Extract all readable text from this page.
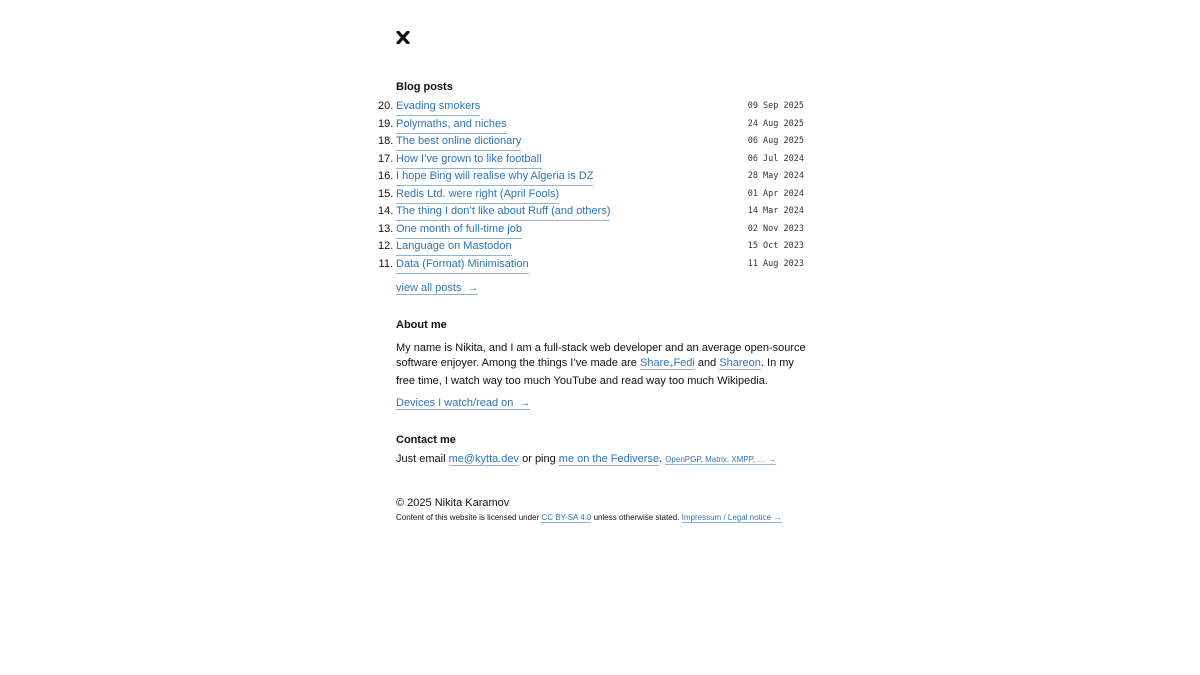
Blog posts
20 . Evading smokers	09 Sep 2025
19 . Polymaths, and niches	24 Aug 2025
18 . The best online dictionary	06 Aug 2025
17 . How I’ve grown to like football	06 Jul 2024
16 . I hope Bing will realise why Algeria is DZ	28 May 2024
15 . Redis Ltd. were right (April Fools)	01 Apr 2024
14 . The thing I don’t like about Ruff (and others)	14 Mar 2024
13 . One month of full-time job	02 Nov 2023
12 . Language on Mastodon	15 Oct 2023
11 . Data (Format) Minimisation	11 Aug 2023
view all posts →
About me

My name is Nikita, and I am a full-stack web developer and an average open-source software enjoyer. Among the things I’ve made are Share+Fedi and Shareon. In my free time, I watch way too much YouTube and read way too much Wikipedia.

Devices I watch/read on →
Contact me

Just email me@kytta.dev or ping me on the Fediverse. OpenPGP, Matrix, XMPP, … →

© 2025 Nikita Karamov
Content of this website is licensed under CC BY-SA 4.0 unless otherwise stated. Impressum / Legal notice →
